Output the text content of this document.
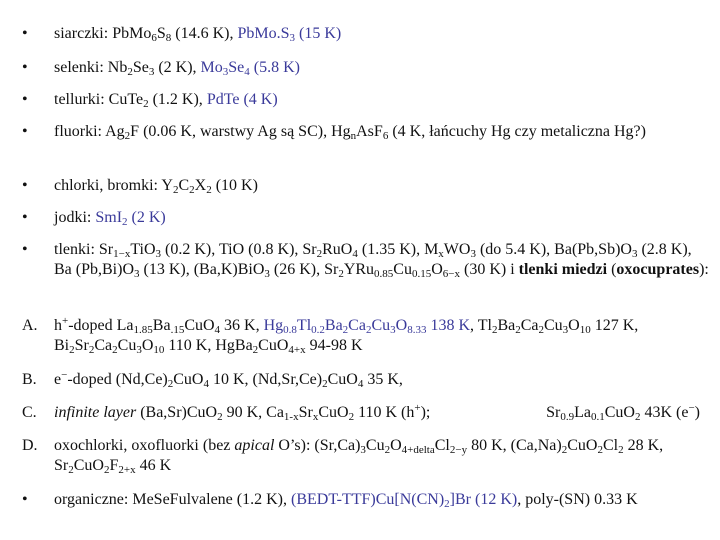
• siarczki: $PbMo_6S_8$ (14.6 K), $PbMo.S_3$ (15 K)
• selenki: $Nb_2Se_3$ (2 K), $Mo_3Se_4$ (5.8 K)
• tellurki: CuTe$_2$ (1.2 K), PdTe (4 K)
• fluorki: $Ag_2F$ (0.06 K, warstwy Ag są SC), $Hg_nAsF_6$ (4 K, łańcuchy Hg czy metaliczna Hg?)
• chlorki, bromki: $Y_2C_2X_2$ (10 K)
• jodki: SmI$_2$ (2 K)
• tlenki: $Sr_{1-x}TiO_3$ (0.2 K), TiO (0.8 K), $Sr_2RuO_4$ (1.35 K), $M_xWO_3$ (do 5.4 K), $Ba(Pb,Sb)O_3$ (2.8 K), Ba $(Pb,Bi)O_3$ (13 K), (Ba,K)BiO$_3$ (26 K), $Sr_2YRu_{0.85}Cu_{0.15}O_{6-x}$ (30 K) i tlenki miedzi (oxocuprates):
A. h+-doped $La_{1.85}Ba_{.15}CuO_4$ 36 K, $Hg_{0.8}Tl_{0.2}Ba_2Ca_2Cu_3O_{8.33}$ 138 K, $Tl_2Ba_2Ca_2Cu_3O_{10}$ 127 K, $Bi_2Sr_2Ca_2Cu_3O_{10}$ 110 K, HgBa$_2$CuO$_{4+x}$ 94-98 K
B. e−-doped $(Nd,Ce)_2CuO_4$ 10 K, $(Nd,Sr,Ce)_2CuO_4$ 35 K,
C.	$Sr_{0.9}La_{0.1}CuO_2$ 43K (e−)
infinite layer (Ba,Sr)CuO$_2$ 90 K, $Ca_{1-x}Sr_xCuO_2$ 110 K (h+);
D. oxochlorki, oxofluorki (bez apical O’s): $(Sr,Ca)_3Cu_2O_{4+delta}Cl_{2-y}$ 80 K, $(Ca,Na)_2CuO_2Cl_2$ 28 K, $Sr_2CuO_2F_{2+x}$ 46 K
• organiczne: MeSeFulvalene (1.2 K), $(BEDT-TTF)Cu[N(CN)_2]Br$ (12 K), poly-(SN) 0.33 K
